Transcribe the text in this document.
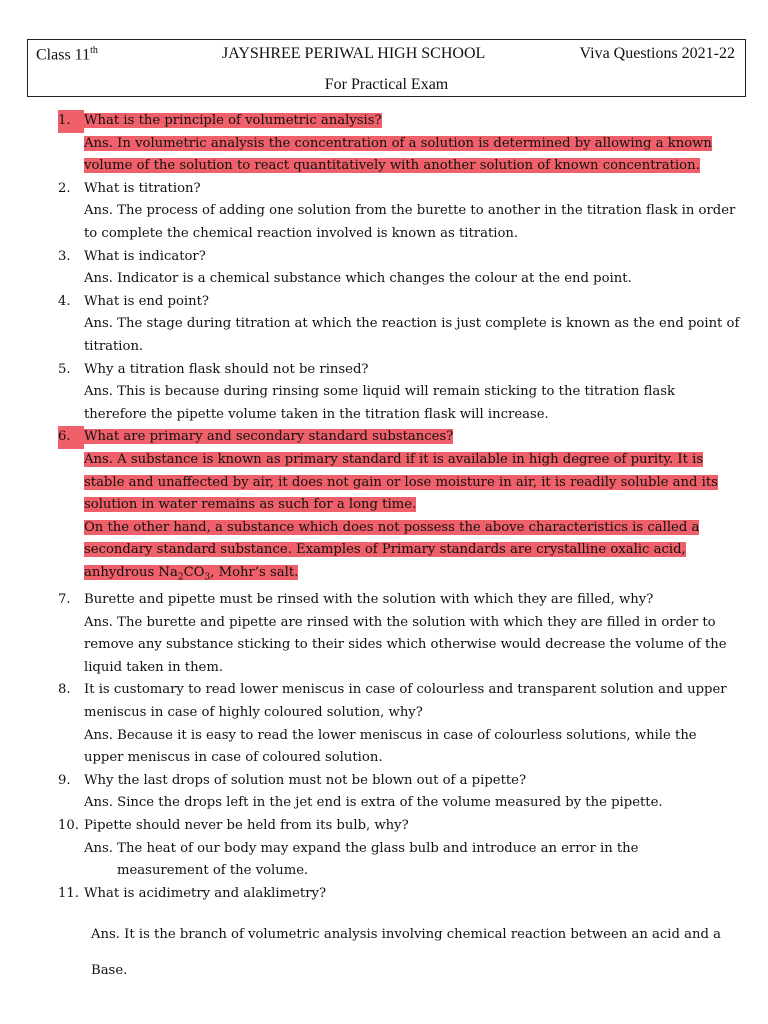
Class 11th	JAYSHREE PERIWAL HIGH SCHOOL	Viva Questions 2021-22
For Practical Exam
1.	What is the principle of volumetric analysis?
Ans. In volumetric analysis the concentration of a solution is determined by allowing a known volume of the solution to react quantitatively with another solution of known concentration.
2.	What is titration?
Ans. The process of adding one solution from the burette to another in the titration flask in order to complete the chemical reaction involved is known as titration.
3.	What is indicator?
Ans. Indicator is a chemical substance which changes the colour at the end point.
4.	What is end point?
Ans. The stage during titration at which the reaction is just complete is known as the end point of titration.
5.	Why a titration flask should not be rinsed?
Ans. This is because during rinsing some liquid will remain sticking to the titration flask therefore the pipette volume taken in the titration flask will increase.
6.	What are primary and secondary standard substances?
Ans. A substance is known as primary standard if it is available in high degree of purity. It is stable and unaffected by air, it does not gain or lose moisture in air, it is readily soluble and its solution in water remains as such for a long time.
On the other hand, a substance which does not possess the above characteristics is called a secondary standard substance. Examples of Primary standards are crystalline oxalic acid, anhydrous $Na_2CO_3$, Mohr’s salt.
7.	Burette and pipette must be rinsed with the solution with which they are filled, why?
Ans. The burette and pipette are rinsed with the solution with which they are filled in order to remove any substance sticking to their sides which otherwise would decrease the volume of the liquid taken in them.
8.	It is customary to read lower meniscus in case of colourless and transparent solution and upper meniscus in case of highly coloured solution, why?
Ans. Because it is easy to read the lower meniscus in case of colourless solutions, while the upper meniscus in case of coloured solution.
9.	Why the last drops of solution must not be blown out of a pipette?
Ans. Since the drops left in the jet end is extra of the volume measured by the pipette.
10. Pipette should never be held from its bulb, why?
Ans. The heat of our body may expand the glass bulb and introduce an error in the
measurement of the volume.
11. What is acidimetry and alaklimetry?
Ans. It is the branch of volumetric analysis involving chemical reaction between an acid and a Base.
